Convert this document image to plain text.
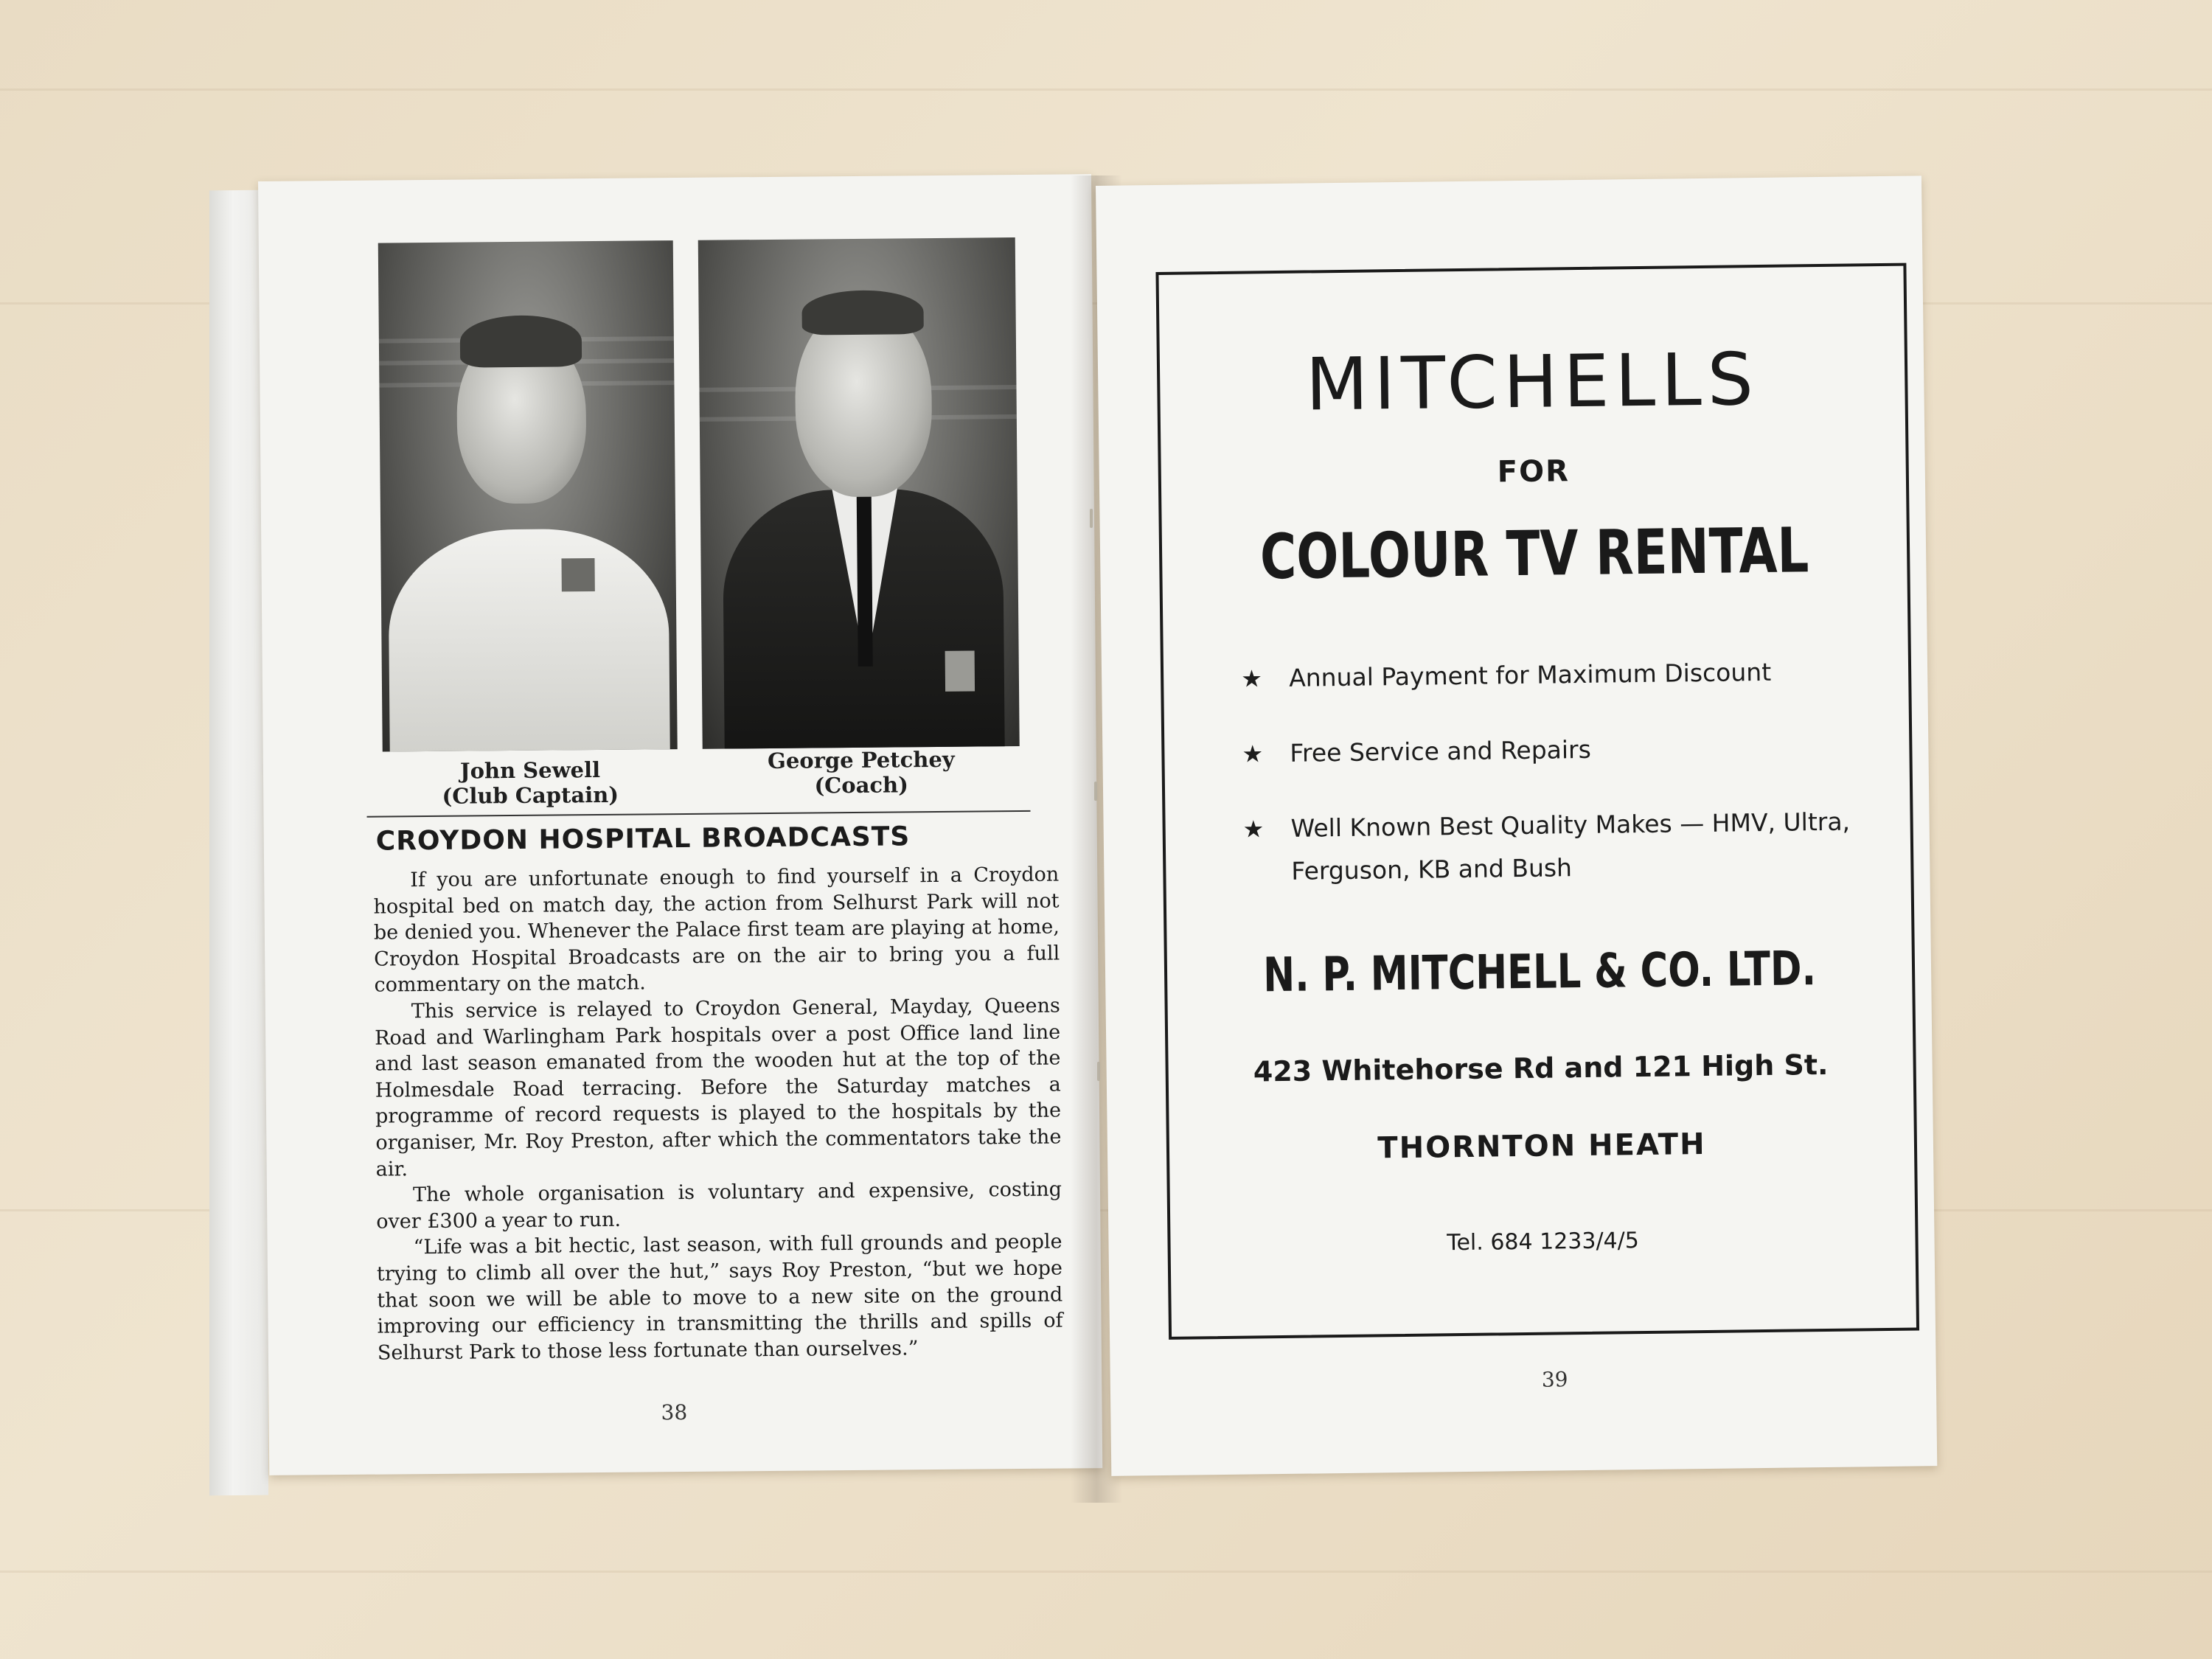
John Sewell
(Club Captain)
George Petchey
(Coach)
CROYDON HOSPITAL BROADCASTS

If you are unfortunate enough to find yourself in a Croydon hospital bed on match day, the action from Selhurst Park will not be denied you. Whenever the Palace first team are playing at home, Croydon Hospital Broadcasts are on the air to bring you a full commentary on the match.

This service is relayed to Croydon General, Mayday, Queens Road and Warlingham Park hospitals over a post Office land line and last season emanated from the wooden hut at the top of the Holmesdale Road terracing. Before the Saturday matches a programme of record requests is played to the hospitals by the organiser, Mr. Roy Preston, after which the commentators take the air.

The whole organisation is voluntary and expensive, costing over £300 a year to run.

“Life was a bit hectic, last season, with full grounds and people trying to climb all over the hut,” says Roy Preston, “but we hope that soon we will be able to move to a new site on the ground improving our efficiency in transmitting the thrills and spills of Selhurst Park to those less fortunate than ourselves.”

38
MITCHELLS
FOR
COLOUR TV RENTAL
★ Annual Payment for Maximum Discount
★ Free Service and Repairs
★ Well Known Best Quality Makes — HMV, Ultra, Ferguson, KB and Bush
N. P. MITCHELL & CO. LTD.
423 Whitehorse Rd and 121 High St.
THORNTON HEATH
Tel. 684 1233/4/5
39
